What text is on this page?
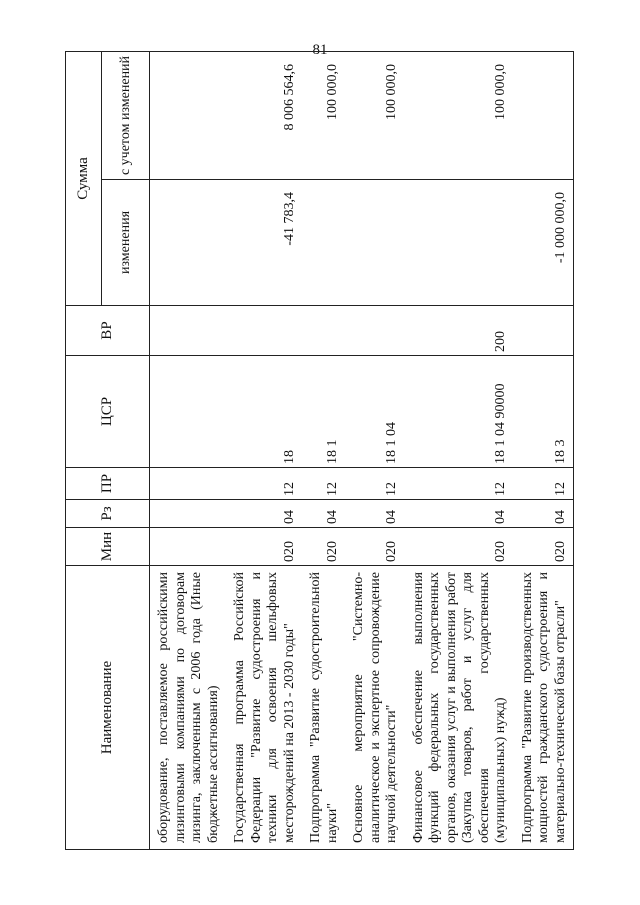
81
Наименование	Мин	Рз	ПР	ЦСР	ВР	Сумма	
						изменения	с учетом изменений
оборудование, поставляемое российскими лизинговыми компаниями по договорам лизинга, заключенным с 2006 года (Иные бюджетные ассигнования)							
Государственная программа Российской Федерации "Развитие судостроения и техники для освоения шельфовых месторождений на 2013 - 2030 годы"	020	04	12	18		-41 783,4	8 006 564,6
Подпрограмма "Развитие судостроительной науки"	020	04	12	18 1			100 000,0
Основное мероприятие "Системно-аналитическое и экспертное сопровождение научной деятельности"	020	04	12	18 1 04			100 000,0
Финансовое обеспечение выполнения функций федеральных государственных органов, оказания услуг и выполнения работ (Закупка товаров, работ и услуг для обеспечения государственных (муниципальных) нужд)	020	04	12	18 1 04 90000	200		100 000,0
Подпрограмма "Развитие производственных мощностей гражданского судостроения и материально-технической базы отрасли"	020	04	12	18 3		-1 000 000,0	
